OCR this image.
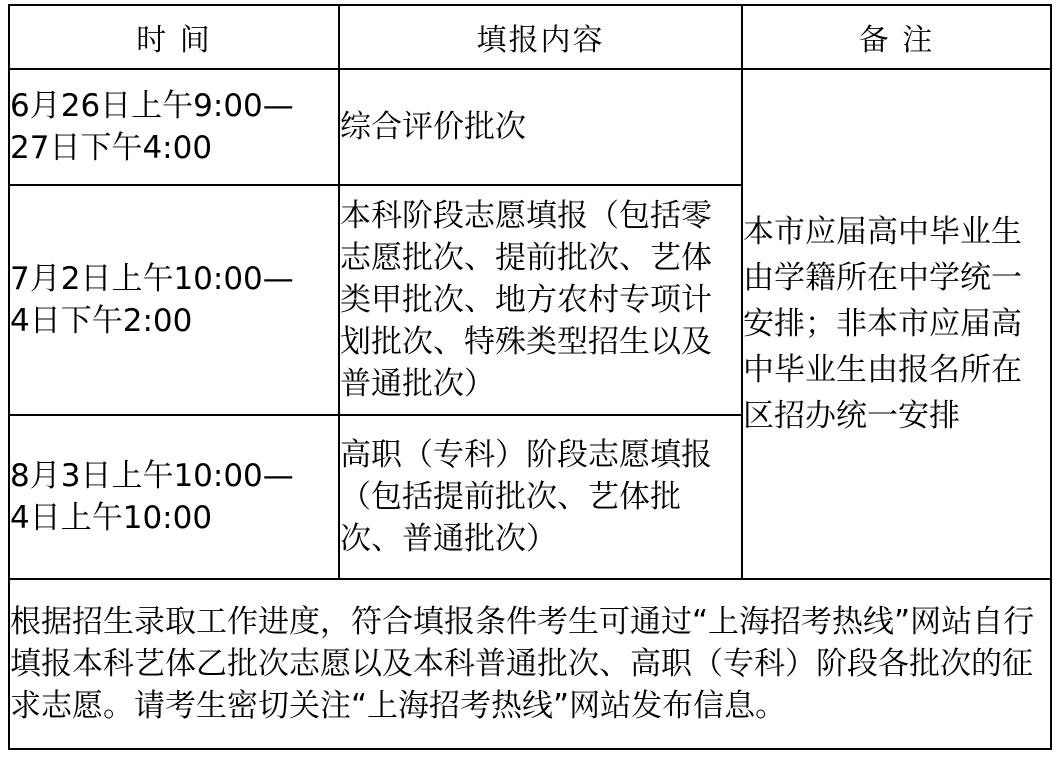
时 间	填报内容	备 注

6月26日上午9:00—
27日下午4:00	综合评价批次	本市应届高中毕业生由学籍所在中学统一安排；非本市应届高中毕业生由报名所在区招办统一安排

7月2日上午10:00—
4日下午2:00	本科阶段志愿填报（包括零志愿批次、提前批次、艺体类甲批次、地方农村专项计划批次、特殊类型招生以及普通批次）	

8月3日上午10:00—
4日上午10:00	高职（专科）阶段志愿填报（包括提前批次、艺体批次、普通批次）	
根据招生录取工作进度，符合填报条件考生可通过“上海招考热线”网站自行填报本科艺体乙批次志愿以及本科普通批次、高职（专科）阶段各批次的征求志愿。请考生密切关注“上海招考热线”网站发布信息。		
